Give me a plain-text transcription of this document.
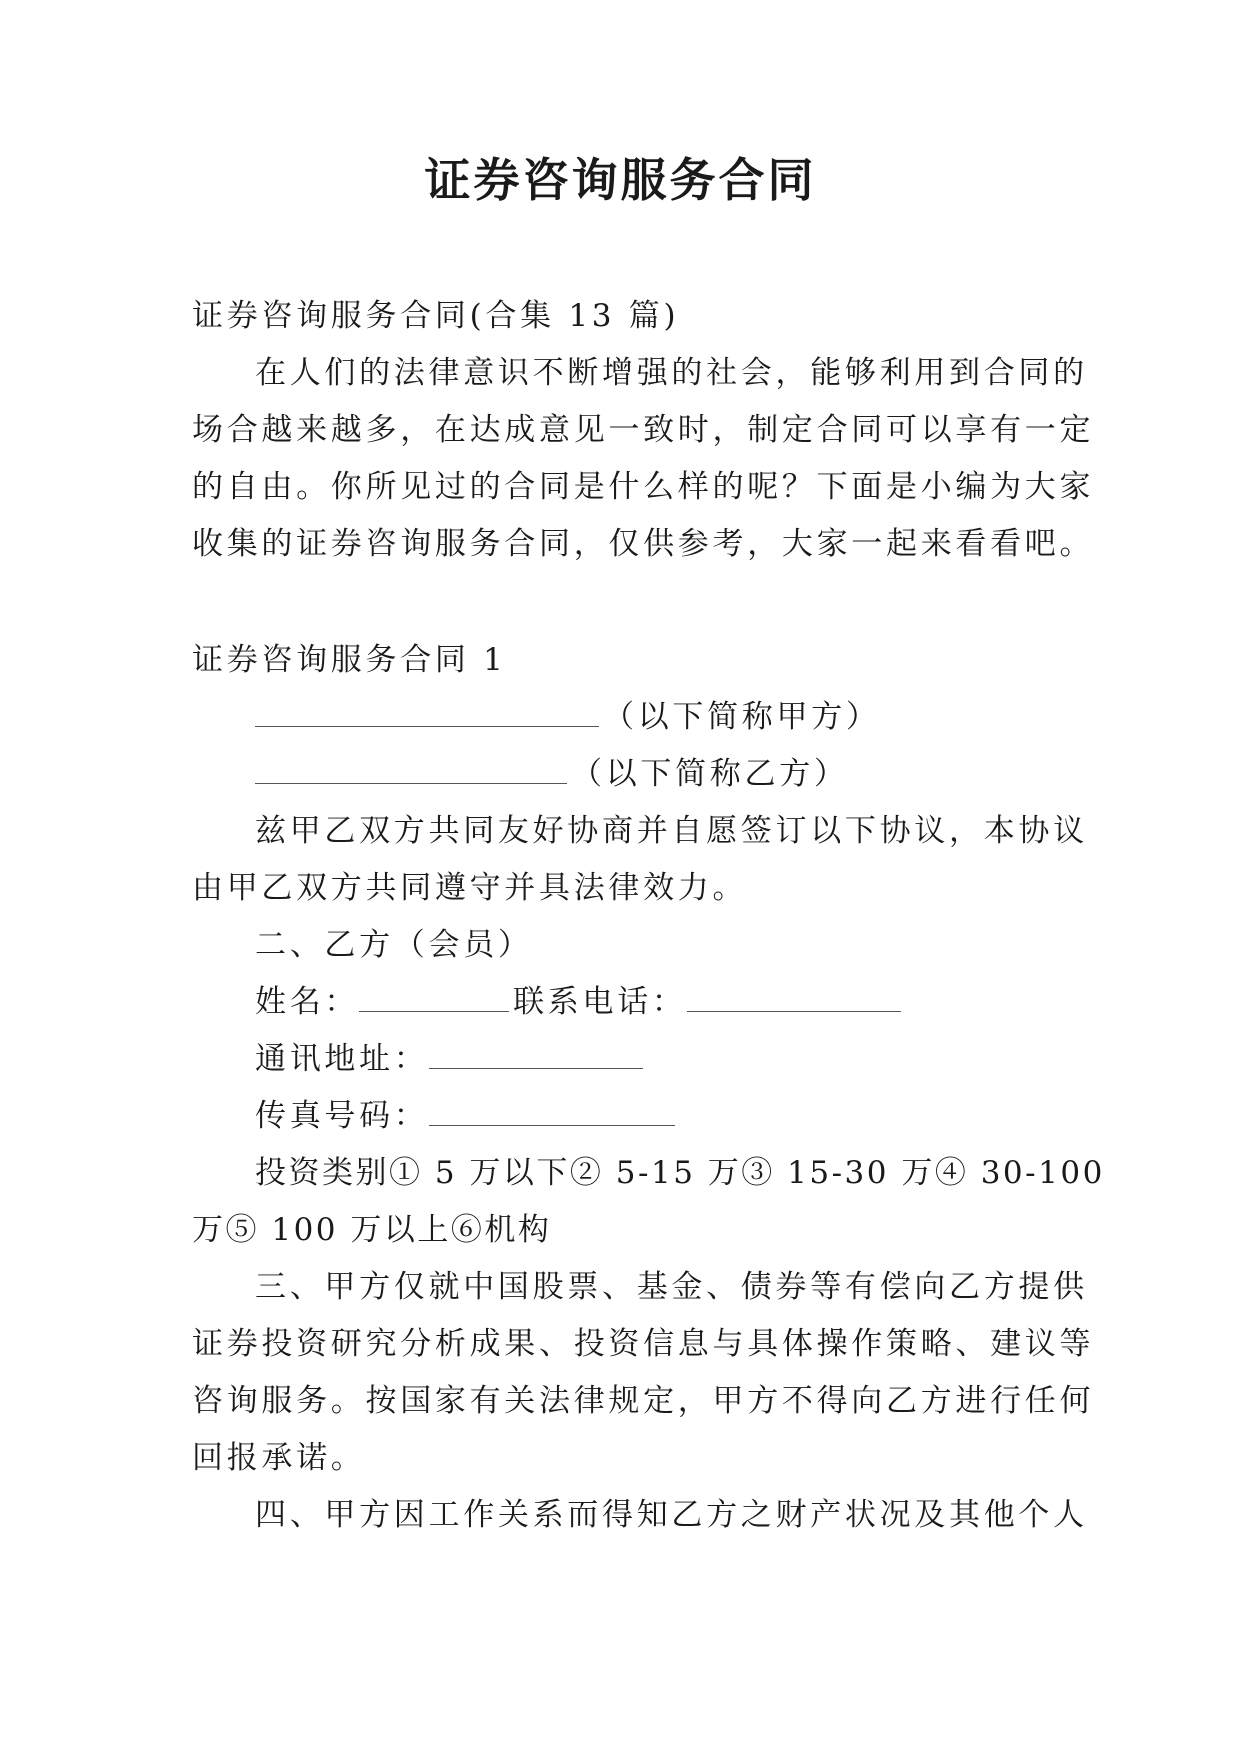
证券咨询服务合同
证券咨询服务合同(合集 13 篇)
在人们的法律意识不断增强的社会，能够利用到合同的
场合越来越多，在达成意见一致时，制定合同可以享有一定
的自由。你所见过的合同是什么样的呢？下面是小编为大家
收集的证券咨询服务合同，仅供参考，大家一起来看看吧。
证券咨询服务合同 1
（以下简称甲方）
（以下简称乙方）
兹甲乙双方共同友好协商并自愿签订以下协议，本协议
由甲乙双方共同遵守并具法律效力。
二、乙方（会员）
姓名：	联系电话：
通讯地址：
传真号码：
投资类别① 5 万以下② 5-15 万③ 15-30 万④ 30-100
万⑤ 100 万以上⑥机构
三、甲方仅就中国股票、基金、债券等有偿向乙方提供
证券投资研究分析成果、投资信息与具体操作策略、建议等
咨询服务。按国家有关法律规定，甲方不得向乙方进行任何
回报承诺。
四、甲方因工作关系而得知乙方之财产状况及其他个人
